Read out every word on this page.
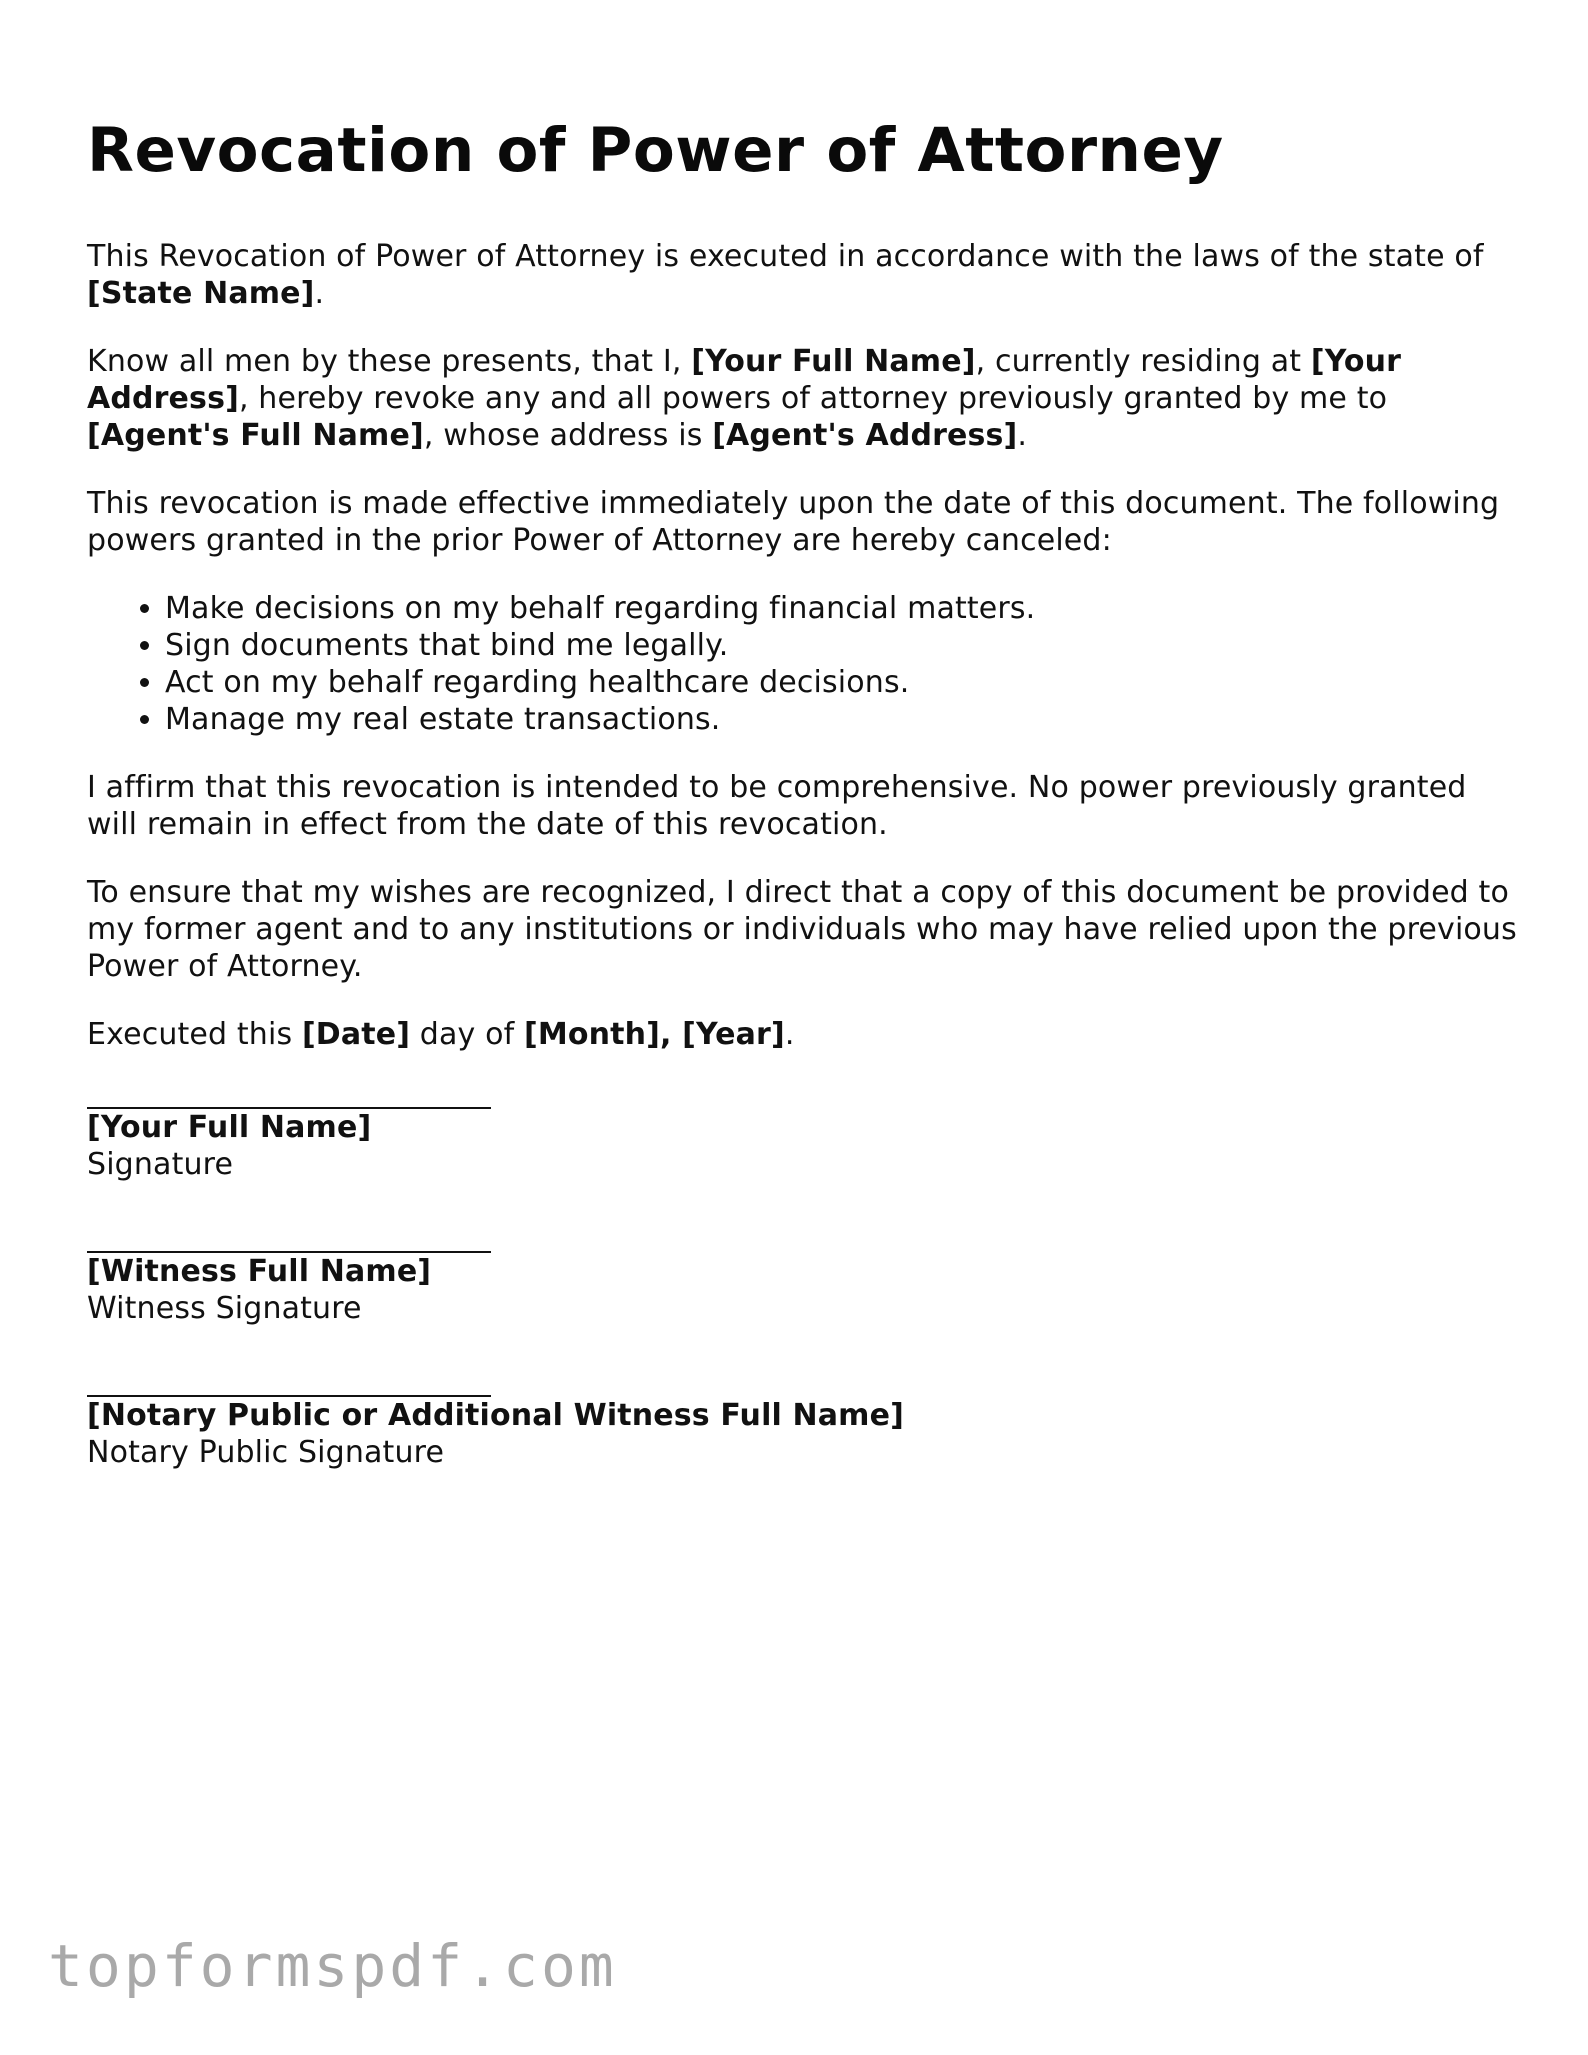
Revocation of Power of Attorney

This Revocation of Power of Attorney is executed in accordance with the laws of the state of [State Name].

Know all men by these presents, that I, [Your Full Name], currently residing at [Your Address], hereby revoke any and all powers of attorney previously granted by me to [Agent's Full Name], whose address is [Agent's Address].

This revocation is made effective immediately upon the date of this document. The following powers granted in the prior Power of Attorney are hereby canceled:

• Make decisions on my behalf regarding financial matters.
• Sign documents that bind me legally.
• Act on my behalf regarding healthcare decisions.
• Manage my real estate transactions.

I affirm that this revocation is intended to be comprehensive. No power previously granted will remain in effect from the date of this revocation.

To ensure that my wishes are recognized, I direct that a copy of this document be provided to my former agent and to any institutions or individuals who may have relied upon the previous Power of Attorney.

Executed this [Date] day of [Month], [Year].

[Your Full Name]
Signature
[Witness Full Name]
Witness Signature
[Notary Public or Additional Witness Full Name]
Notary Public Signature
topformspdf.com
